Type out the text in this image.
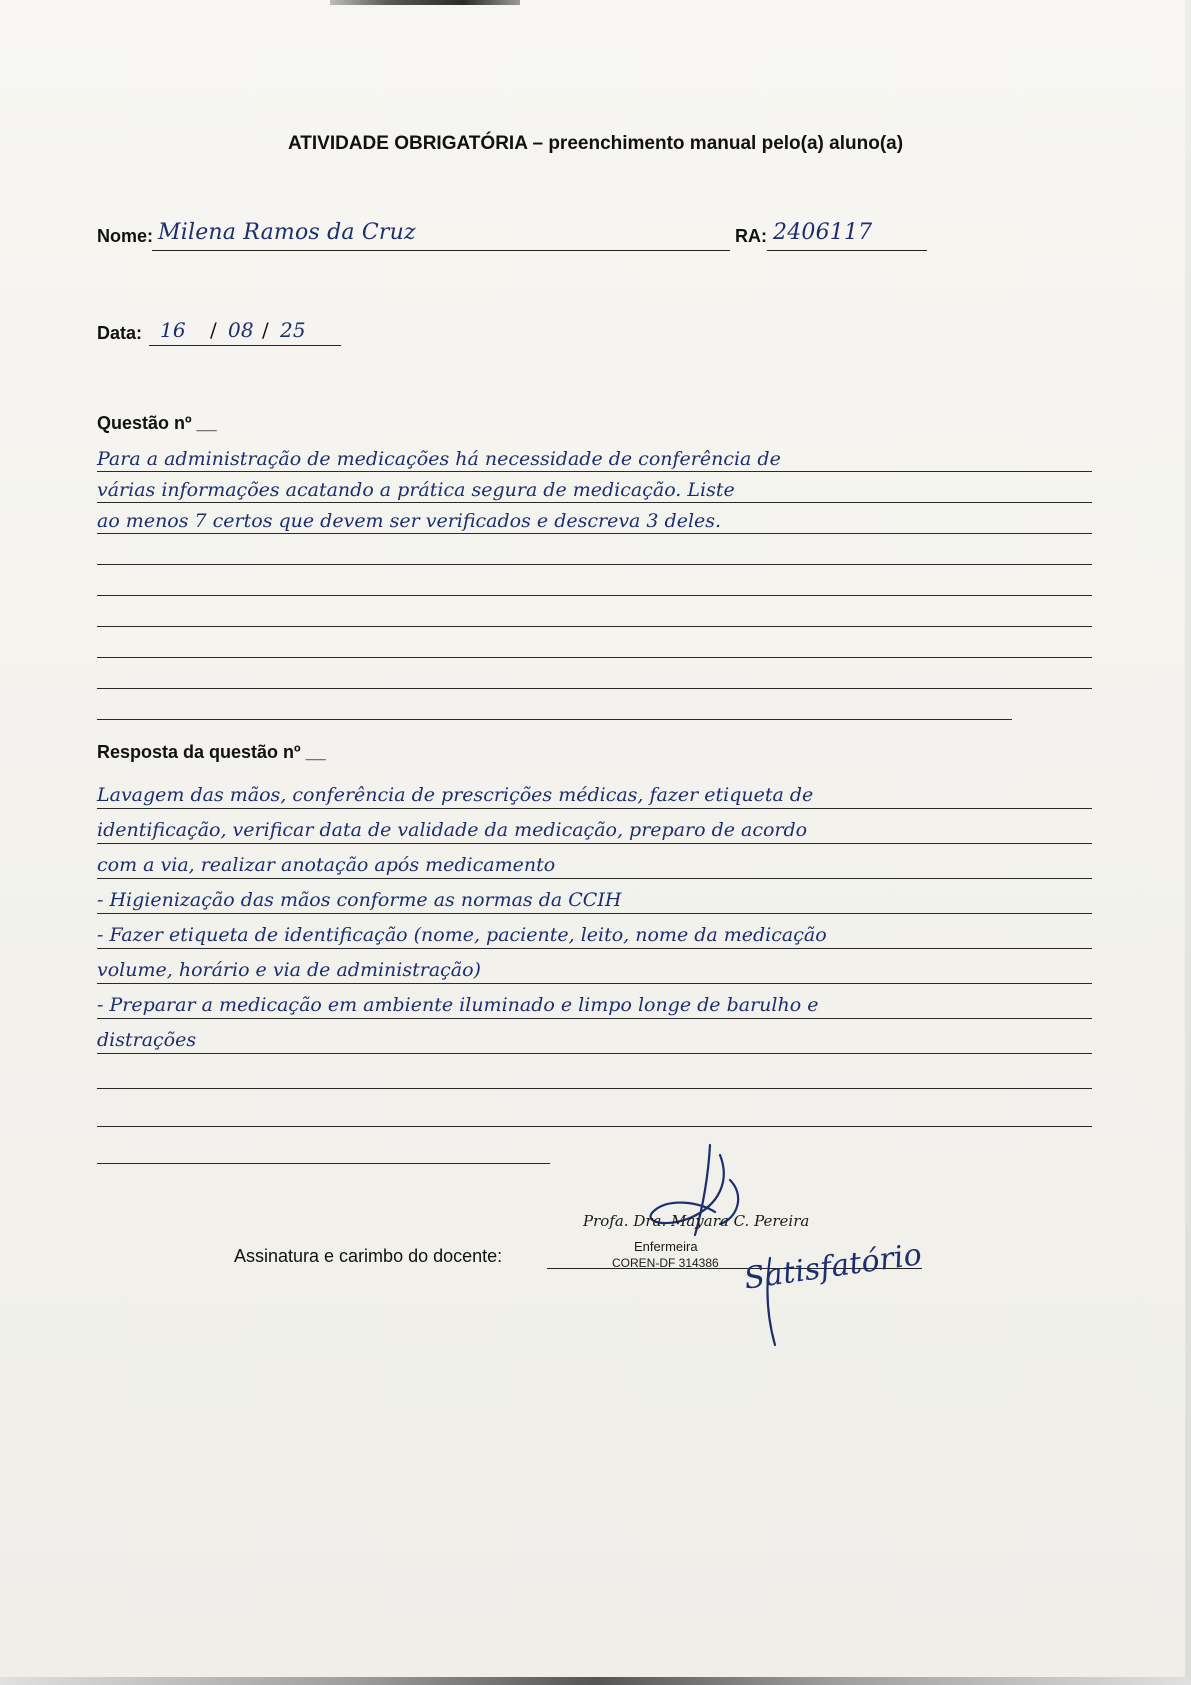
ATIVIDADE OBRIGATÓRIA – preenchimento manual pelo(a) aluno(a)
Nome: Milena Ramos da Cruz	RA: 2406117
Data: 16 / 08 / 25
Questão nº __
Para a administração de medicações há necessidade de conferência de
várias informações acatando a prática segura de medicação. Liste
ao menos 7 certos que devem ser verificados e descreva 3 deles.
Resposta da questão nº __
Lavagem das mãos, conferência de prescrições médicas, fazer etiqueta de
identificação, verificar data de validade da medicação, preparo de acordo
com a via, realizar anotação após medicamento
- Higienização das mãos conforme as normas da CCIH
- Fazer etiqueta de identificação (nome, paciente, leito, nome da medicação
volume, horário e via de administração)
- Preparar a medicação em ambiente iluminado e limpo longe de barulho e
distrações
Assinatura e carimbo do docente:
Profa. Dra. Mayara C. Pereira
Enfermeira
COREN-DF 314386 Satisfatório
